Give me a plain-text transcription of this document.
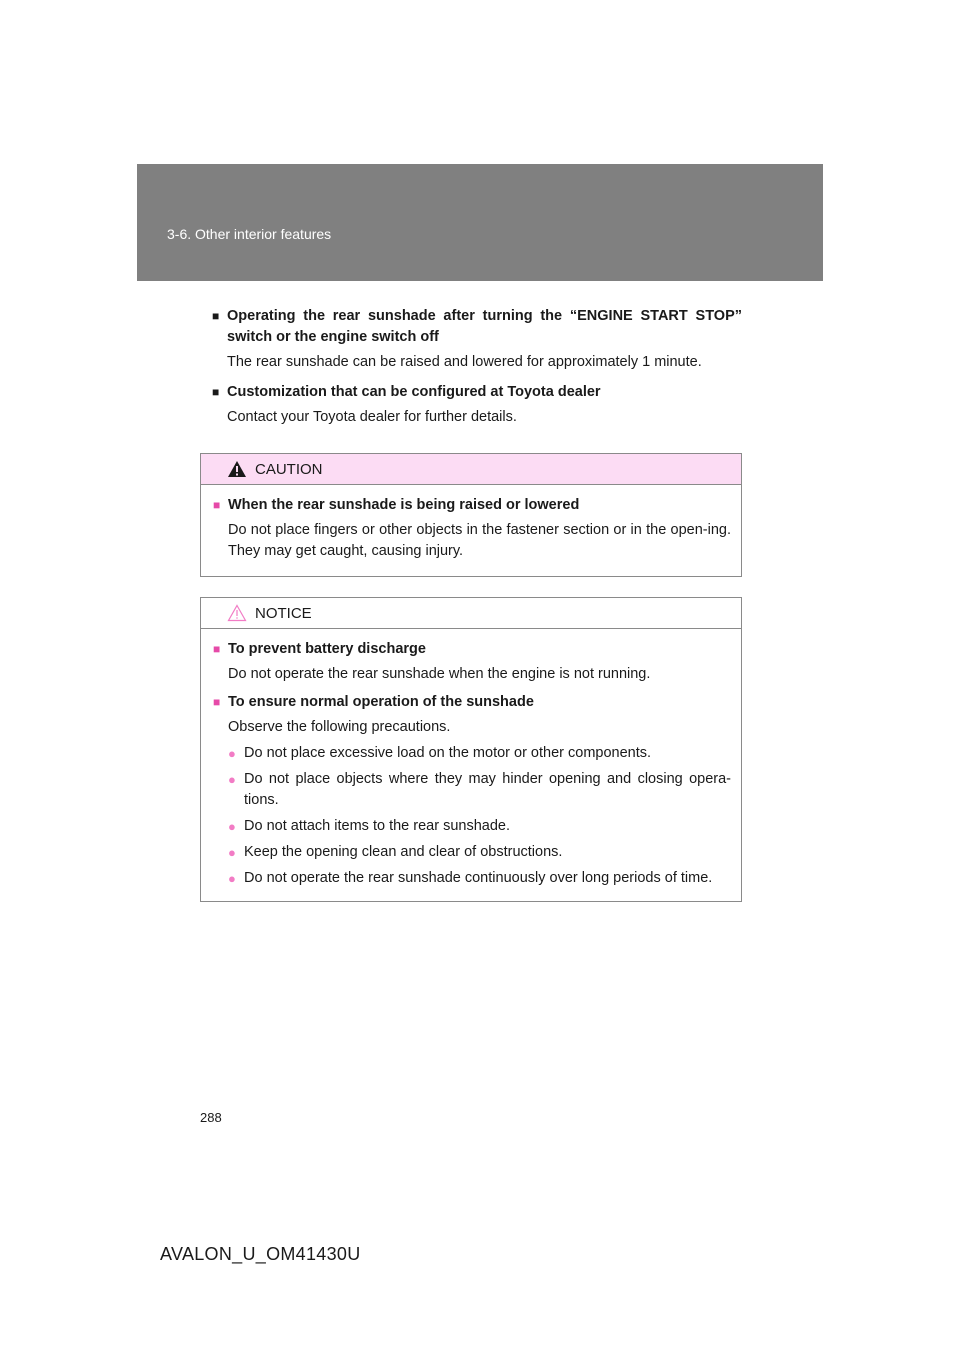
3-6. Other interior features
■ Operating the rear sunshade after turning the “ENGINE START STOP” switch or the engine switch off
The rear sunshade can be raised and lowered for approximately 1 minute.
■ Customization that can be configured at Toyota dealer
Contact your Toyota dealer for further details.
CAUTION
■ When the rear sunshade is being raised or lowered
Do not place fingers or other objects in the fastener section or in the open-ing. They may get caught, causing injury.
NOTICE
■ To prevent battery discharge
Do not operate the rear sunshade when the engine is not running.
■ To ensure normal operation of the sunshade
Observe the following precautions.
● Do not place excessive load on the motor or other components.
● Do not place objects where they may hinder opening and closing opera-tions.
● Do not attach items to the rear sunshade.
● Keep the opening clean and clear of obstructions.
● Do not operate the rear sunshade continuously over long periods of time.
288
AVALON_U_OM41430U
